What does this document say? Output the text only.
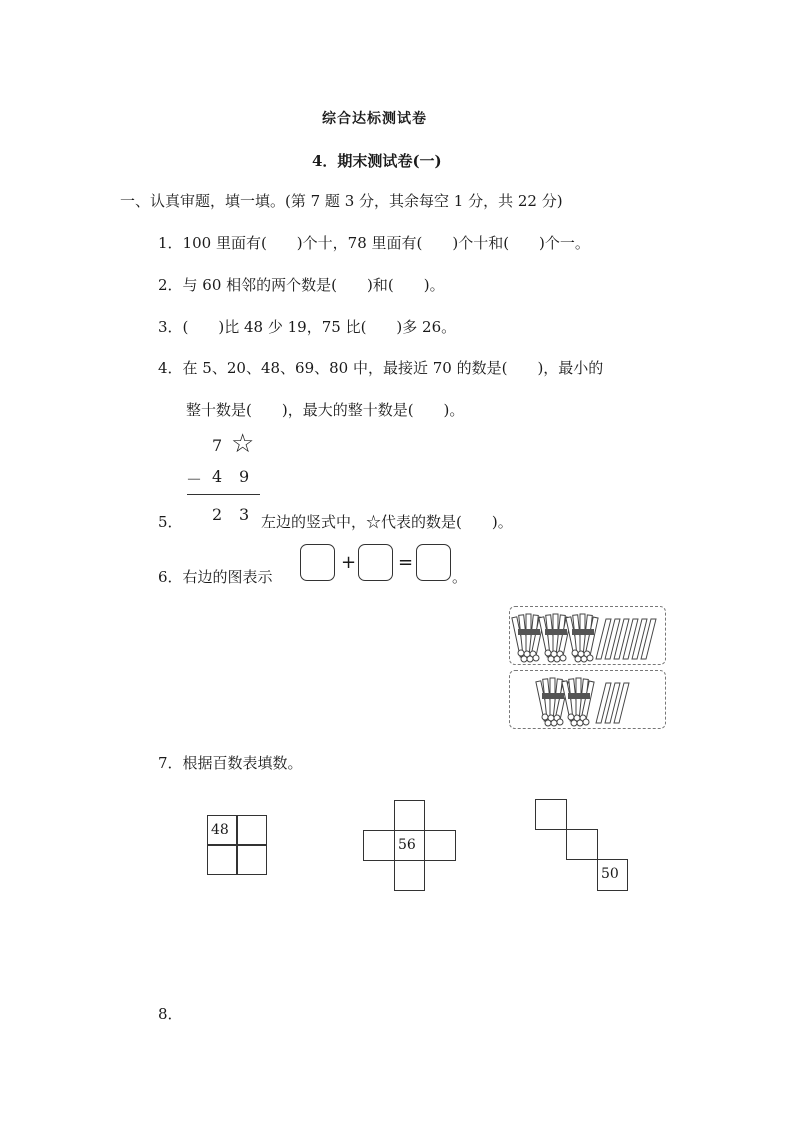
综合达标测试卷
4．期末测试卷(一)
一、认真审题，填一填。(第 7 题 3 分，其余每空 1 分，共 22 分)
1．100 里面有(　　)个十，78 里面有(　　)个十和(　　)个一。
2．与 60 相邻的两个数是(　　)和(　　)。
3．(　　)比 48 少 19，75 比(　　)多 26。
4．在 5、20、48、69、80 中，最接近 70 的数是(　　)，最小的
整十数是(　　)，最大的整十数是(　　)。
7 ☆
－ 4 9
2 3
5．	左边的竖式中，☆代表的数是(　　)。
6．右边的图表示
+ =
。
7．根据百数表填数。
48
56
50
8．
